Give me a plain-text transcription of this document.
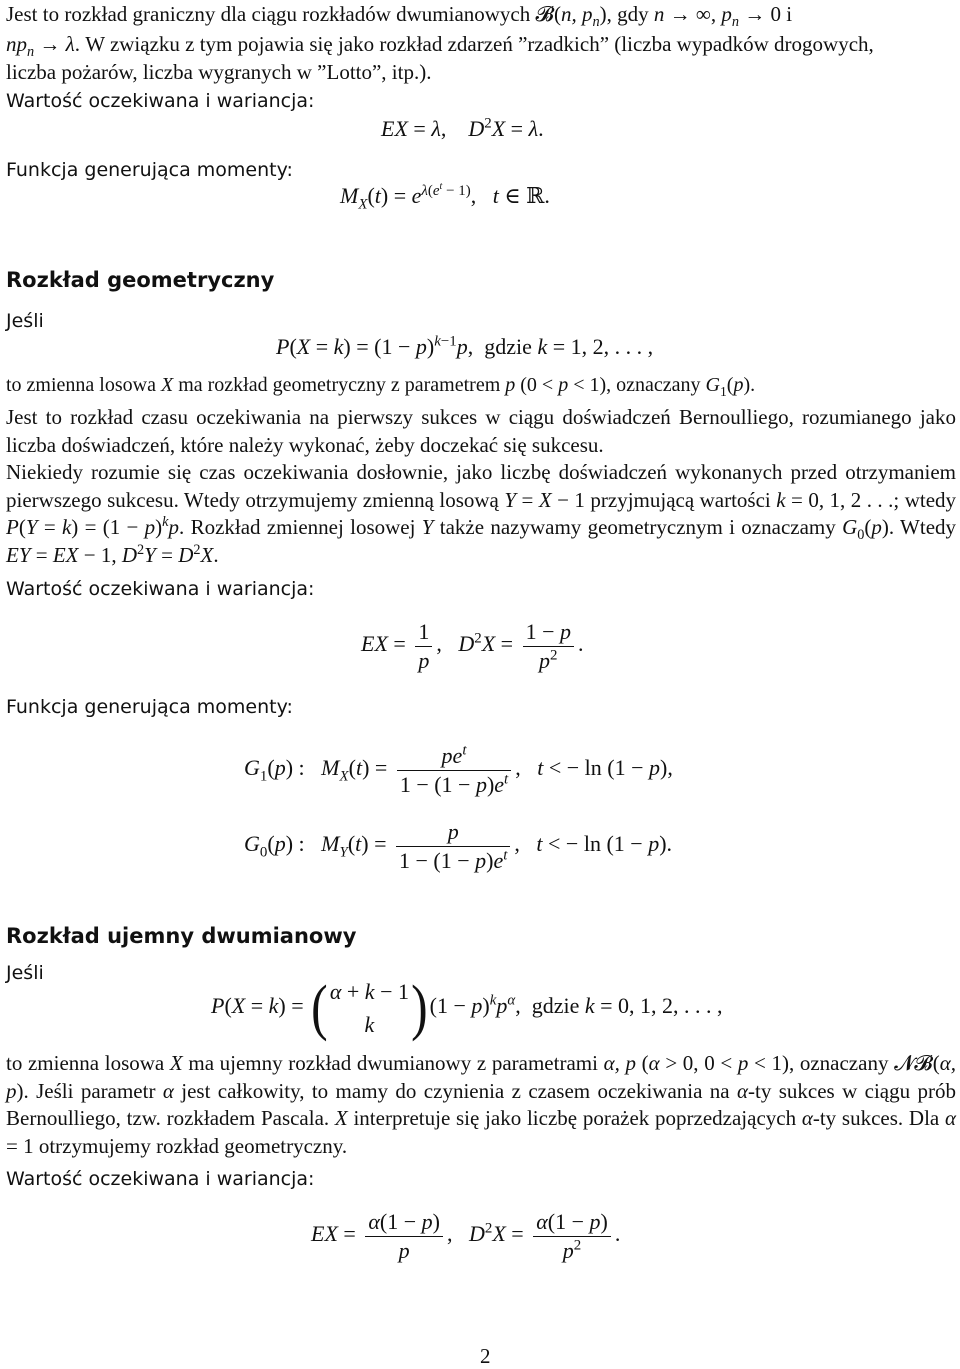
Jest to rozkład graniczny dla ciągu rozkładów dwumianowych 𝓑(n, $p_n$), gdy n → ∞, $p_n \to 0$ i
$np_n \to \lambda$. W związku z tym pojawia się jako rozkład zdarzeń ”rzadkich” (liczba wypadków drogowych,
liczba pożarów, liczba wygranych w ”Lotto”, itp.).
Wartość oczekiwana i wariancja:
EX = λ,    $D^2X = \lambda$.
Funkcja generująca momenty:
$M_X(t) = e^{\lambda(e^t - 1)}$,   t ∈ ℝ.
Rozkład geometryczny
Jeśli
$P(X = k) = (1 - p)^{k-1}p$,  gdzie k = 1, 2, . . . ,
to zmienna losowa X ma rozkład geometryczny z parametrem p (0 < p < 1), oznaczany $G_1(p)$.
Jest to rozkład czasu oczekiwania na pierwszy sukces w ciągu doświadczeń Bernoulliego, rozumianego jako liczba doświadczeń, które należy wykonać, żeby doczekać się sukcesu.
Niekiedy rozumie się czas oczekiwania dosłownie, jako liczbę doświadczeń wykonanych przed otrzymaniem pierwszego sukcesu. Wtedy otrzymujemy zmienną losową Y = X − 1 przyjmującą wartości k = 0, 1, 2 . . .; wtedy $P(Y = k) = (1 - p)^kp$. Rozkład zmiennej losowej Y także nazywamy geometrycznym i oznaczamy $G_0(p)$. Wtedy EY = EX − 1, $D^2Y = D^2X$.
Wartość oczekiwana i wariancja:
EX = $\frac{1}{p}$ ,   $D^2X = \frac{1 - p}{p^2}$ .
Funkcja generująca momenty:
$G_1(p)$ :   $M_X(t) = \frac{pe^t}{1 - (1 - p)e^t}$ ,   t < − ln (1 − p),
$G_0(p)$ :   $M_Y(t) = \frac{p}{1 - (1 - p)e^t}$ ,   t < − ln (1 − p).
Rozkład ujemny dwumianowy
Jeśli
P(X = k) = ( α + k − 1
k ) $(1 - p)^kp^\alpha$,  gdzie k = 0, 1, 2, . . . ,
to zmienna losowa X ma ujemny rozkład dwumianowy z parametrami α, p (α > 0, 0 < p < 1), oznaczany 𝓝𝓑(α, p). Jeśli parametr α jest całkowity, to mamy do czynienia z czasem oczekiwania na α-ty sukces w ciągu prób Bernoulliego, tzw. rozkładem Pascala. X interpretuje się jako liczbę porażek poprzedzających α-ty sukces. Dla α = 1 otrzymujemy rozkład geometryczny.
Wartość oczekiwana i wariancja:
EX = $\frac{\alpha(1 - p)}{p}$ ,   $D^2X = \frac{\alpha(1 - p)}{p^2}$ .
2
